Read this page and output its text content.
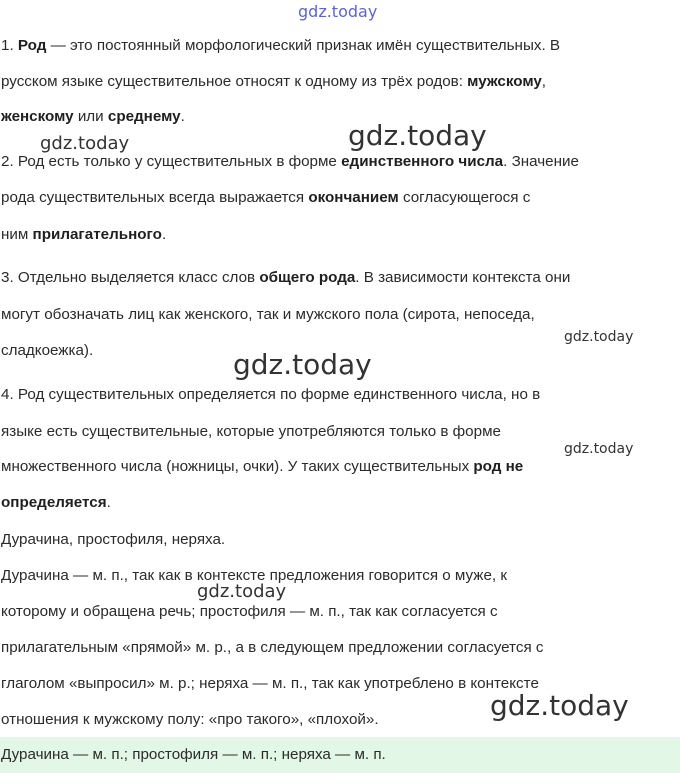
gdz.today
1. Род — это постоянный морфологический признак имён существительных. В
русском языке существительное относят к одному из трёх родов: мужскому,
женскому или среднему.
2. Род есть только у существительных в форме единственного числа. Значение
рода существительных всегда выражается окончанием согласующегося с
ним прилагательного.
3. Отдельно выделяется класс слов общего рода. В зависимости контекста они
могут обозначать лиц как женского, так и мужского пола (сирота, непоседа,
сладкоежка).
4. Род существительных определяется по форме единственного числа, но в
языке есть существительные, которые употребляются только в форме
множественного числа (ножницы, очки). У таких существительных род не
определяется.
Дурачина, простофиля, неряха.
Дурачина — м. п., так как в контексте предложения говорится о муже, к
которому и обращена речь; простофиля — м. п., так как согласуется с
прилагательным «прямой» м. р., а в следующем предложении согласуется с
глаголом «выпросил» м. р.; неряха — м. п., так как употреблено в контексте
отношения к мужскому полу: «про такого», «плохой».
Дурачина — м. п.; простофиля — м. п.; неряха — м. п.
gdz.today	gdz.today
gdz.today
gdz.today
gdz.today
gdz.today
gdz.today
